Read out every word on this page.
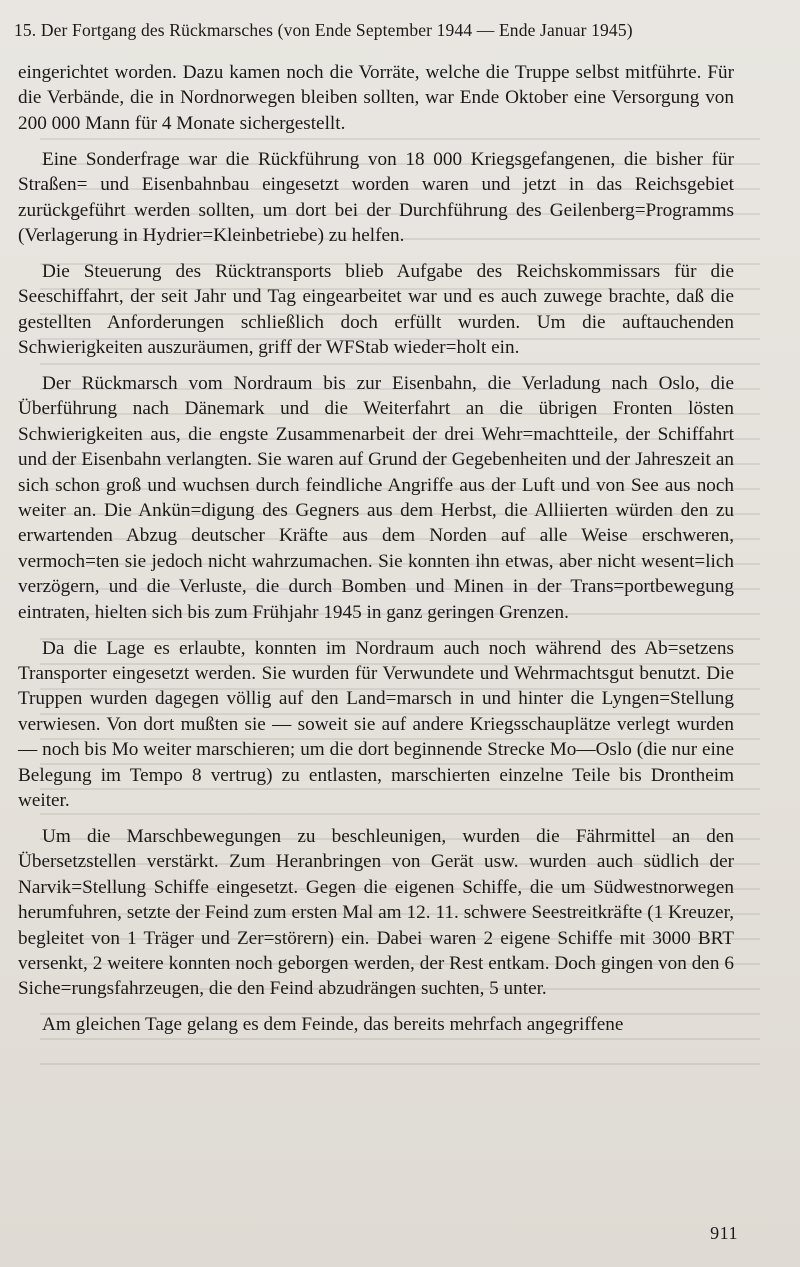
15. Der Fortgang des Rückmarsches (von Ende September 1944 — Ende Januar 1945)

eingerichtet worden. Dazu kamen noch die Vorräte, welche die Truppe selbst mitführte. Für die Verbände, die in Nordnorwegen bleiben sollten, war Ende Oktober eine Versorgung von 200 000 Mann für 4 Monate sichergestellt.

Eine Sonderfrage war die Rückführung von 18 000 Kriegsgefangenen, die bisher für Straßen= und Eisenbahnbau eingesetzt worden waren und jetzt in das Reichsgebiet zurückgeführt werden sollten, um dort bei der Durchführung des Geilenberg=Programms (Verlagerung in Hydrier=Kleinbetriebe) zu helfen.

Die Steuerung des Rücktransports blieb Aufgabe des Reichskommissars für die Seeschiffahrt, der seit Jahr und Tag eingearbeitet war und es auch zuwege brachte, daß die gestellten Anforderungen schließlich doch erfüllt wurden. Um die auftauchenden Schwierigkeiten auszuräumen, griff der WFStab wieder=holt ein.

Der Rückmarsch vom Nordraum bis zur Eisenbahn, die Verladung nach Oslo, die Überführung nach Dänemark und die Weiterfahrt an die übrigen Fronten lösten Schwierigkeiten aus, die engste Zusammenarbeit der drei Wehr=machtteile, der Schiffahrt und der Eisenbahn verlangten. Sie waren auf Grund der Gegebenheiten und der Jahreszeit an sich schon groß und wuchsen durch feindliche Angriffe aus der Luft und von See aus noch weiter an. Die Ankün=digung des Gegners aus dem Herbst, die Alliierten würden den zu erwartenden Abzug deutscher Kräfte aus dem Norden auf alle Weise erschweren, vermoch=ten sie jedoch nicht wahrzumachen. Sie konnten ihn etwas, aber nicht wesent=lich verzögern, und die Verluste, die durch Bomben und Minen in der Trans=portbewegung eintraten, hielten sich bis zum Frühjahr 1945 in ganz geringen Grenzen.

Da die Lage es erlaubte, konnten im Nordraum auch noch während des Ab=setzens Transporter eingesetzt werden. Sie wurden für Verwundete und Wehrmachtsgut benutzt. Die Truppen wurden dagegen völlig auf den Land=marsch in und hinter die Lyngen=Stellung verwiesen. Von dort mußten sie — soweit sie auf andere Kriegsschauplätze verlegt wurden — noch bis Mo weiter marschieren; um die dort beginnende Strecke Mo—Oslo (die nur eine Belegung im Tempo 8 vertrug) zu entlasten, marschierten einzelne Teile bis Drontheim weiter.

Um die Marschbewegungen zu beschleunigen, wurden die Fährmittel an den Übersetzstellen verstärkt. Zum Heranbringen von Gerät usw. wurden auch südlich der Narvik=Stellung Schiffe eingesetzt. Gegen die eigenen Schiffe, die um Südwestnorwegen herumfuhren, setzte der Feind zum ersten Mal am 12. 11. schwere Seestreitkräfte (1 Kreuzer, begleitet von 1 Träger und Zer=störern) ein. Dabei waren 2 eigene Schiffe mit 3000 BRT versenkt, 2 weitere konnten noch geborgen werden, der Rest entkam. Doch gingen von den 6 Siche=rungsfahrzeugen, die den Feind abzudrängen suchten, 5 unter.

Am gleichen Tage gelang es dem Feinde, das bereits mehrfach angegriffene

911
